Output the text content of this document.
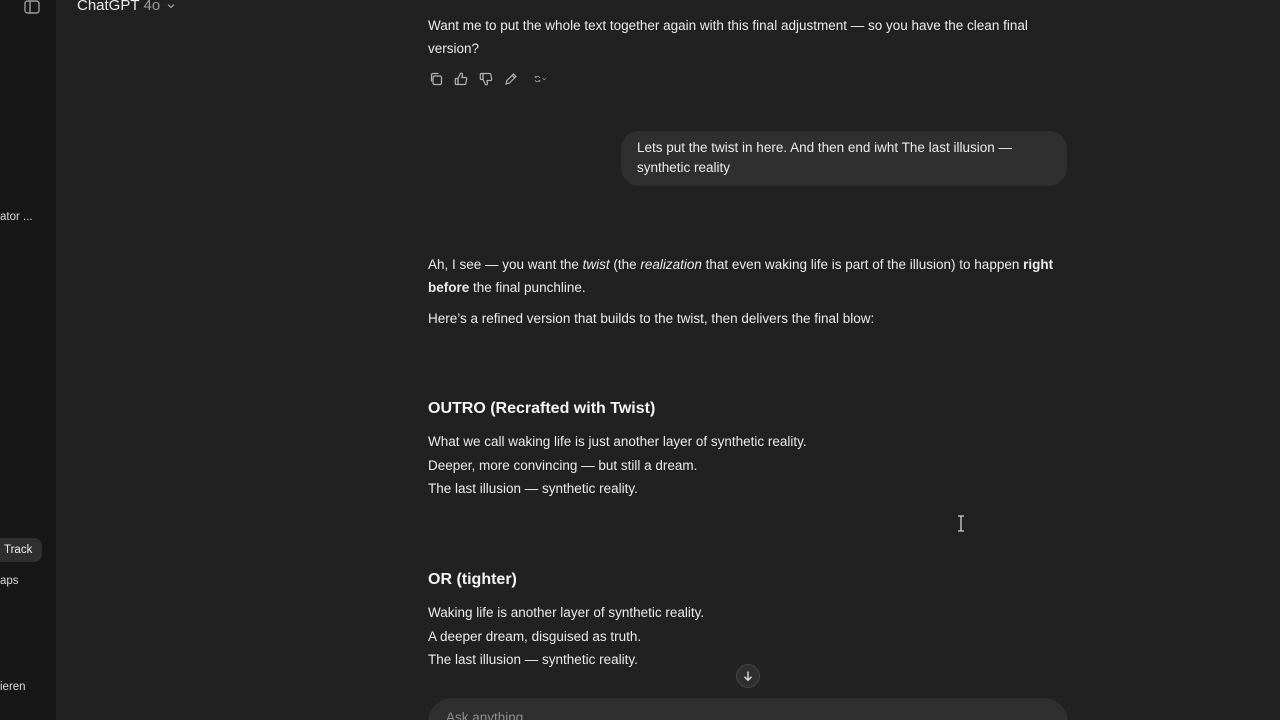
ator ...
Track
aps
ieren
ChatGPT 4o
Want me to put the whole text together again with this final adjustment — so you have the clean final version?
Lets put the twist in here. And then end iwht The last illusion — synthetic reality
Ah, I see — you want the twist (the realization that even waking life is part of the illusion) to happen right before the final punchline.
Here’s a refined version that builds to the twist, then delivers the final blow:
OUTRO (Recrafted with Twist)
What we call waking life is just another layer of synthetic reality.
Deeper, more convincing — but still a dream.
The last illusion — synthetic reality.
OR (tighter)
Waking life is another layer of synthetic reality.
A deeper dream, disguised as truth.
The last illusion — synthetic reality.
Ask anything
